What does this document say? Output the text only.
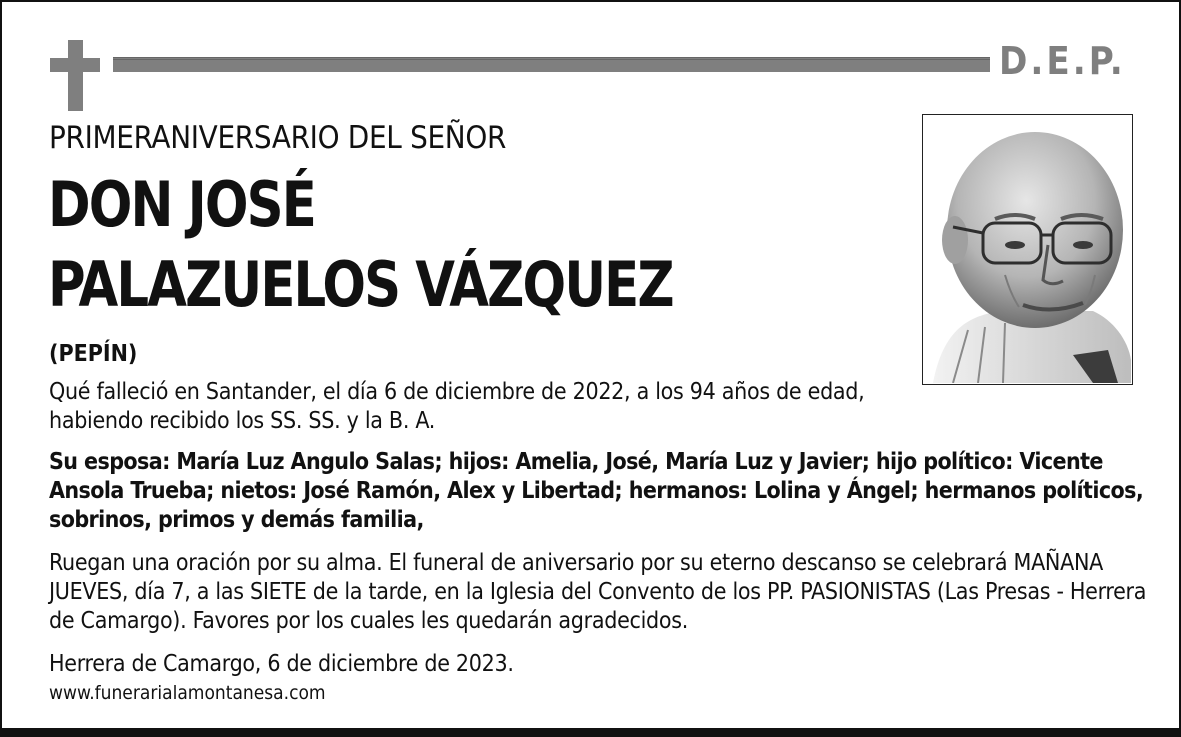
D.E.P.
PRIMERANIVERSARIO DEL SEÑOR
DON JOSÉ
PALAZUELOS VÁZQUEZ
(PEPÍN)
Qué falleció en Santander, el día 6 de diciembre de 2022, a los 94 años de edad, habiendo recibido los SS. SS. y la B. A.
Su esposa: María Luz Angulo Salas; hijos: Amelia, José, María Luz y Javier; hijo político: Vicente Ansola Trueba; nietos: José Ramón, Alex y Libertad; hermanos: Lolina y Ángel; hermanos políticos, sobrinos, primos y demás familia,
Ruegan una oración por su alma. El funeral de aniversario por su eterno descanso se celebrará MAÑANA JUEVES, día 7, a las SIETE de la tarde, en la Iglesia del Convento de los PP. PASIONISTAS (Las Presas - Herrera de Camargo). Favores por los cuales les quedarán agradecidos.
Herrera de Camargo, 6 de diciembre de 2023.
www.funerarialamontanesa.com
